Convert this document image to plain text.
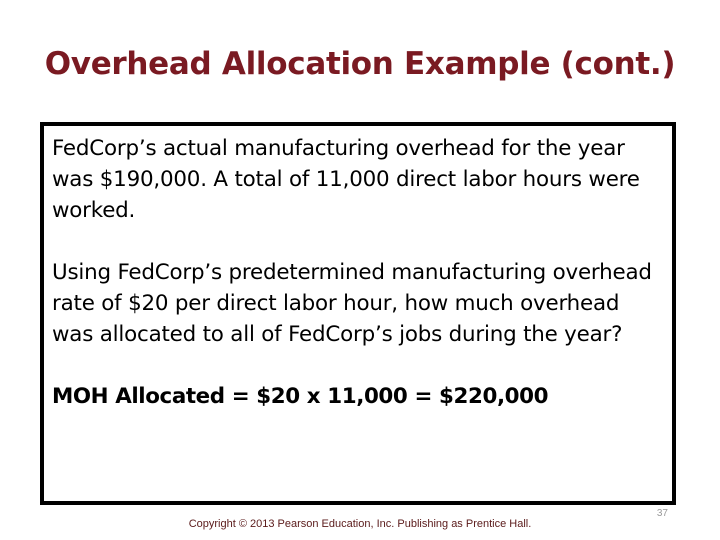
Overhead Allocation Example (cont.)

FedCorp’s actual manufacturing overhead for the year was $190,000. A total of 11,000 direct labor hours were worked.

Using FedCorp’s predetermined manufacturing overhead rate of $20 per direct labor hour, how much overhead was allocated to all of FedCorp’s jobs during the year?

MOH Allocated = $20 x 11,000 = $220,000

37
Copyright © 2013 Pearson Education, Inc. Publishing as Prentice Hall.
